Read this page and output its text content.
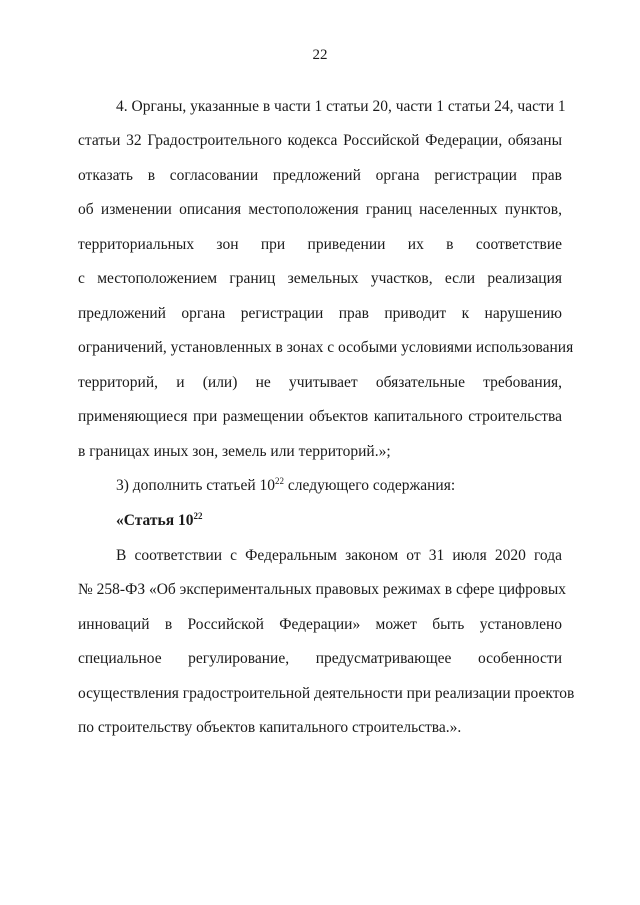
22
4. Органы, указанные в части 1 статьи 20, части 1 статьи 24, части 1
статьи 32 Градостроительного кодекса Российской Федерации, обязаны
отказать в согласовании предложений органа регистрации прав
об изменении описания местоположения границ населенных пунктов,
территориальных зон при приведении их в соответствие
с местоположением границ земельных участков, если реализация
предложений органа регистрации прав приводит к нарушению
ограничений, установленных в зонах с особыми условиями использования
территорий, и (или) не учитывает обязательные требования,
применяющиеся при размещении объектов капитального строительства
в границах иных зон, земель или территорий.»;
3) дополнить статьей $10^{22}$ следующего содержания:
«Статья $10^{22}$
В соответствии с Федеральным законом от 31 июля 2020 года
№ 258-ФЗ «Об экспериментальных правовых режимах в сфере цифровых
инноваций в Российской Федерации» может быть установлено
специальное регулирование, предусматривающее особенности
осуществления градостроительной деятельности при реализации проектов
по строительству объектов капитального строительства.».
